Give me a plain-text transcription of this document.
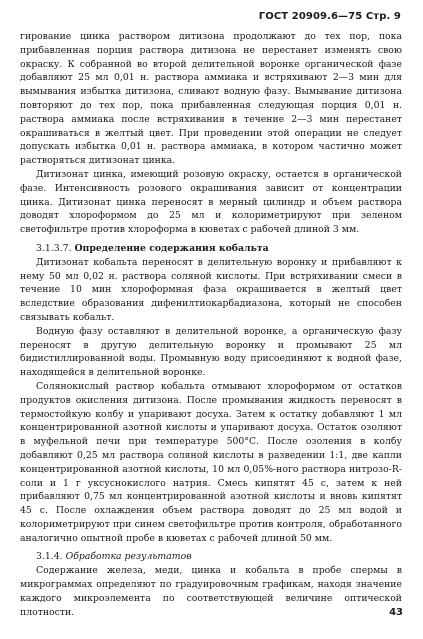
ГОСТ 20909.6—75 Стр. 9

гирование цинка раствором дитизона продолжают до тех пор, пока прибавленная порция раствора дитизона не перестанет изменять свою окраску. К собранной во второй делительной воронке органической фазе добавляют 25 мл 0,01 н. раствора аммиака и встряхивают 2—3 мин для вымывания избытка дитизона, сливают водную фазу. Вымывание дитизона повторяют до тех пор, пока прибавленная следующая порция 0,01 н. раствора аммиака после встряхивания в течение 2—3 мин перестанет окрашиваться в желтый цвет. При проведении этой операции не следует допускать избытка 0,01 н. раствора аммиака, в котором частично может растворяться дитизонат цинка.

Дитизонат цинка, имеющий розовую окраску, остается в органической фазе. Интенсивность розового окрашивания зависит от концентрации цинка. Дитизонат цинка переносят в мерный цилиндр и объем раствора доводят хлороформом до 25 мл и колориметрируют при зеленом светофильтре против хлороформа в кюветах с рабочей длиной 3 мм.

3.1.3.7. Определение содержания кобальта

Дитизонат кобальта переносят в делительную воронку и прибавляют к нему 50 мл 0,02 н. раствора соляной кислоты. При встряхивании смеси в течение 10 мин хлороформная фаза окрашивается в желтый цвет вследствие образования дифенилтиокарбадиазона, который не способен связывать кобальт.

Водную фазу оставляют в делительной воронке, а органическую фазу переносят в другую делительную воронку и промывают 25 мл бидистиллированной воды. Промывную воду присоединяют к водной фазе, находящейся в делительной воронке.

Солянокислый раствор кобальта отмывают хлороформом от остатков продуктов окисления дитизона. После промывания жидкость переносят в термостойкую колбу и упаривают досуха. Затем к остатку добавляют 1 мл концентрированной азотной кислоты и упаривают досуха. Остаток озоляют в муфельной печи при температуре 500°С. После озоления в колбу добавляют 0,25 мл раствора соляной кислоты в разведении 1:1, две капли концентрированной азотной кислоты, 10 мл 0,05%-ного раствора нитрозо-R-соли и 1 г уксуснокислого натрия. Смесь кипятят 45 с, затем к ней прибавляют 0,75 мл концентрированной азотной кислоты и вновь кипятят 45 с. После охлаждения объем раствора доводят до 25 мл водой и колориметрируют при синем светофильтре против контроля, обработанного аналогично опытной пробе в кюветах с рабочей длиной 50 мм.

3.1.4. Обработка результатов

Содержание железа, меди, цинка и кобальта в пробе спермы в микрограммах определяют по градуировочным графикам, находя значение каждого микроэлемента по соответствующей величине оптической плотности.	43
